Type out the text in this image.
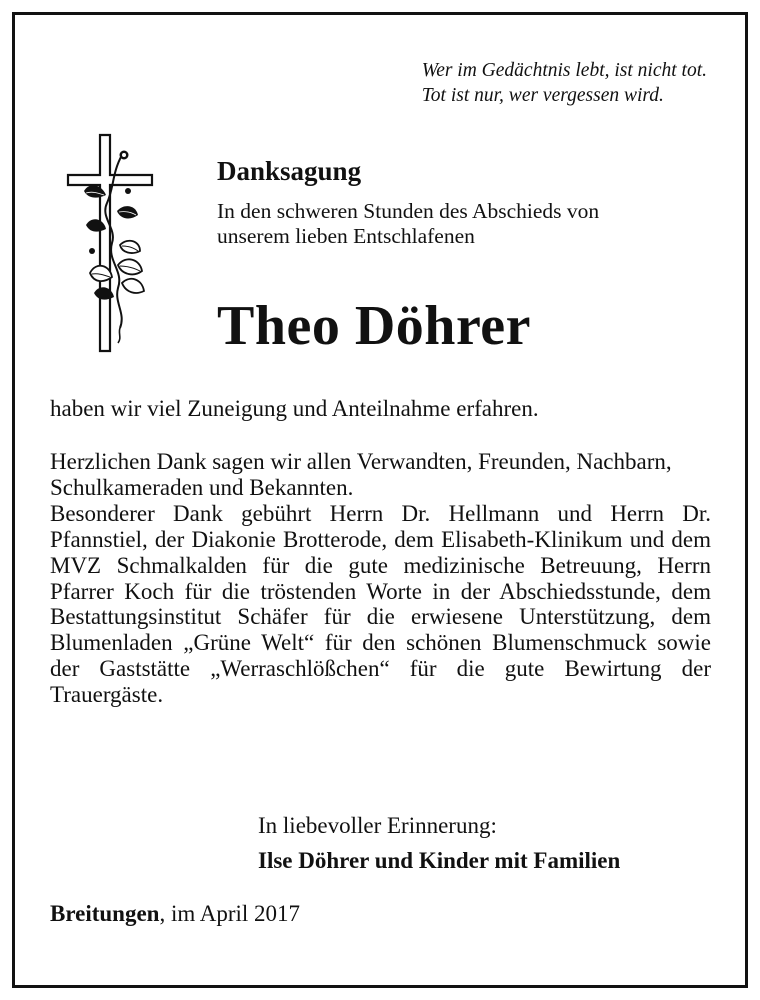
Wer im Gedächtnis lebt, ist nicht tot.
Tot ist nur, wer vergessen wird.
Danksagung
In den schweren Stunden des Abschieds von
unserem lieben Entschlafenen
Theo Döhrer
haben wir viel Zuneigung und Anteilnahme erfahren.

Herzlichen Dank sagen wir allen Verwandten, Freunden, Nachbarn, Schulkameraden und Bekannten.

Besonderer Dank gebührt Herrn Dr. Hellmann und Herrn Dr. Pfannstiel, der Diakonie Brotterode, dem Elisabeth-Klinikum und dem MVZ Schmalkalden für die gute medizinische Betreuung, Herrn Pfarrer Koch für die tröstenden Worte in der Abschiedsstunde, dem Bestattungsinstitut Schäfer für die erwiesene Unterstützung, dem Blumenladen „Grüne Welt“ für den schönen Blumenschmuck sowie der Gaststätte „Werraschlößchen“ für die gute Bewirtung der Trauergäste.

In liebevoller Erinnerung:
Ilse Döhrer und Kinder mit Familien
Breitungen, im April 2017
